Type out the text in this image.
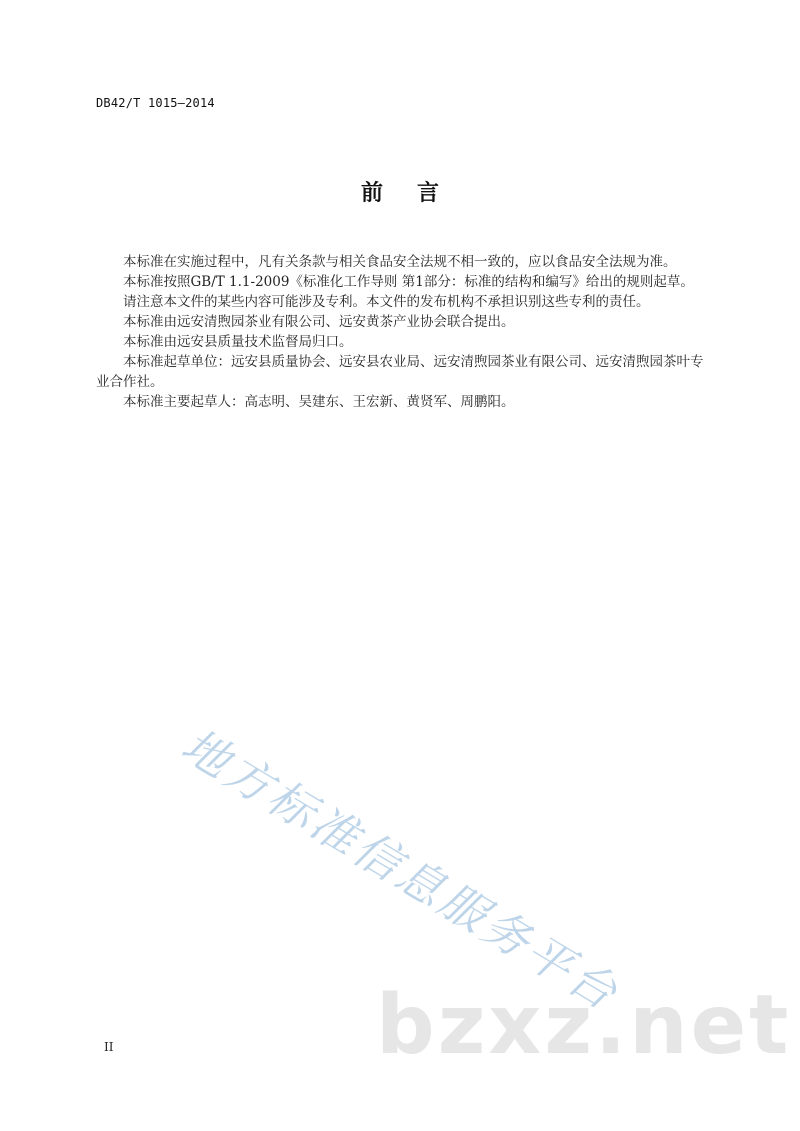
DB42/T 1015—2014
前言

本标准在实施过程中，凡有关条款与相关食品安全法规不相一致的，应以食品安全法规为准。

本标准按照GB/T 1.1-2009《标准化工作导则 第1部分：标准的结构和编写》给出的规则起草。

请注意本文件的某些内容可能涉及专利。本文件的发布机构不承担识别这些专利的责任。

本标准由远安清煦园茶业有限公司、远安黄茶产业协会联合提出。

本标准由远安县质量技术监督局归口。

本标准起草单位：远安县质量协会、远安县农业局、远安清煦园茶业有限公司、远安清煦园茶叶专业合作社。

本标准主要起草人：高志明、吴建东、王宏新、黄贤军、周鹏阳。

地方标准信息服务平台
bzxz.net
II
